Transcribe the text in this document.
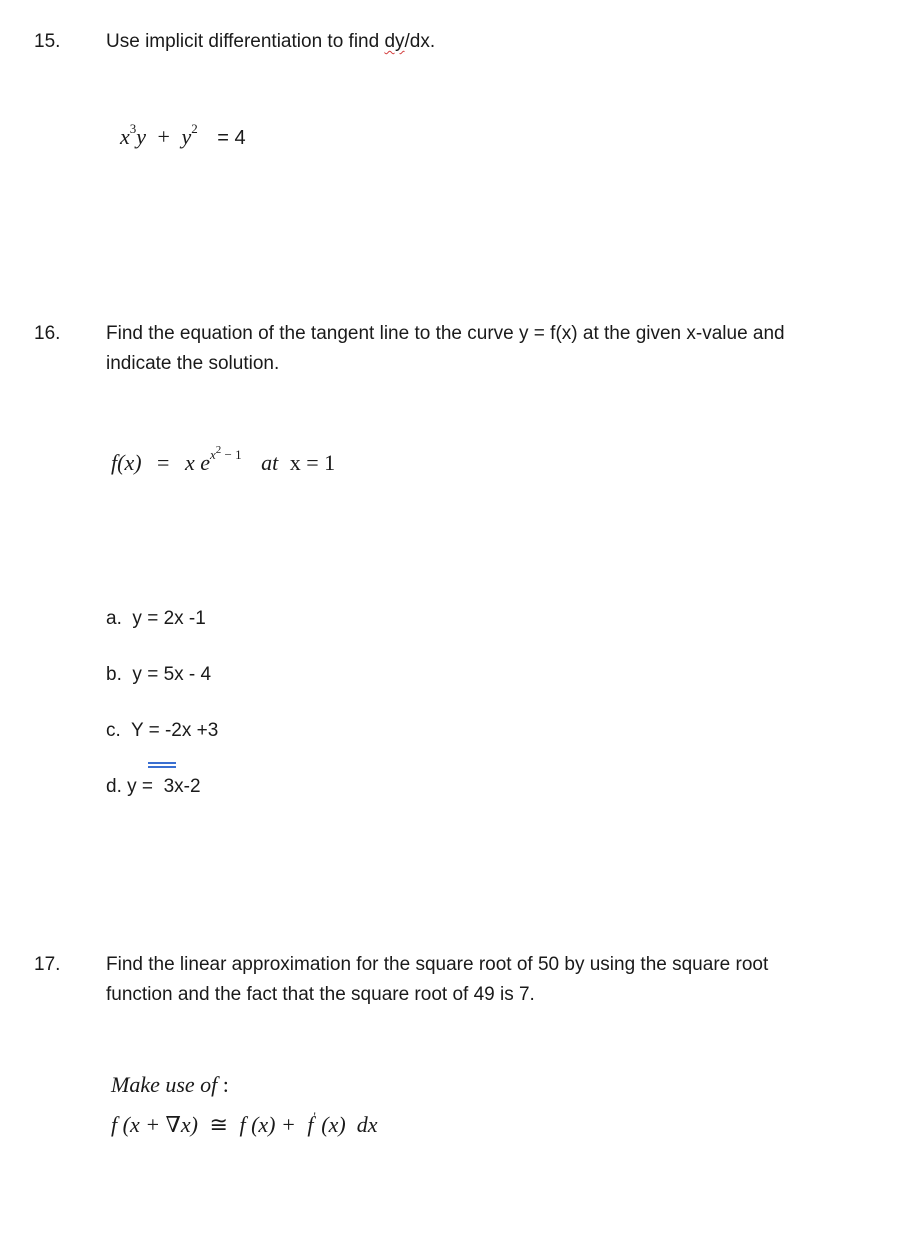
15. Use implicit differentiation to find dy/dx.
$x^3y + y^2 = 4$
16. Find the equation of the tangent line to the curve y = f(x) at the given x-value and
indicate the solution.
f(x) = x $e^{x^2 - 1}$ at x = 1
a. y = 2x -1
b. y = 5x - 4
c. Y = -2x +3
d. y =  3x-2
17. Find the linear approximation for the square root of 50 by using the square root
function and the fact that the square root of 49 is 7.
Make use of :
f (x + ∇x) ≅ f (x) + f' (x)  dx
